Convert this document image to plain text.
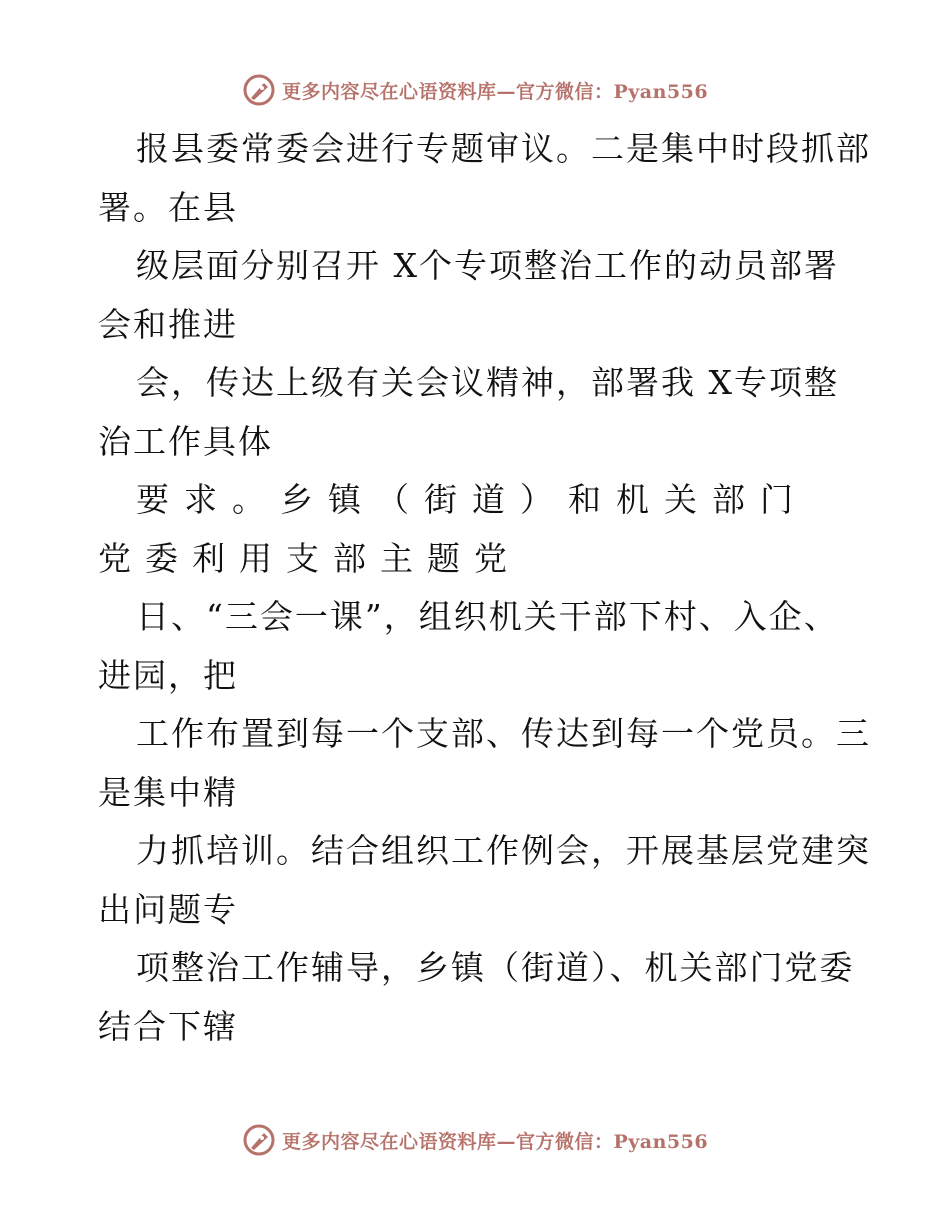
更多内容尽在心语资料库—官方微信：Pyan556
报县委常委会进行专题审议。二是集中时段抓部
署。在县
级层面分别召开 X个专项整治工作的动员部署
会和推进
会，传达上级有关会议精神，部署我 X专项整
治工作具体
要求。乡镇（街道）和机关部门
党委利用支部主题党
日、“三会一课”，组织机关干部下村、入企、
进园，把
工作布置到每一个支部、传达到每一个党员。三
是集中精
力抓培训。结合组织工作例会，开展基层党建突
出问题专
项整治工作辅导，乡镇（街道）、机关部门党委
结合下辖
更多内容尽在心语资料库—官方微信：Pyan556
